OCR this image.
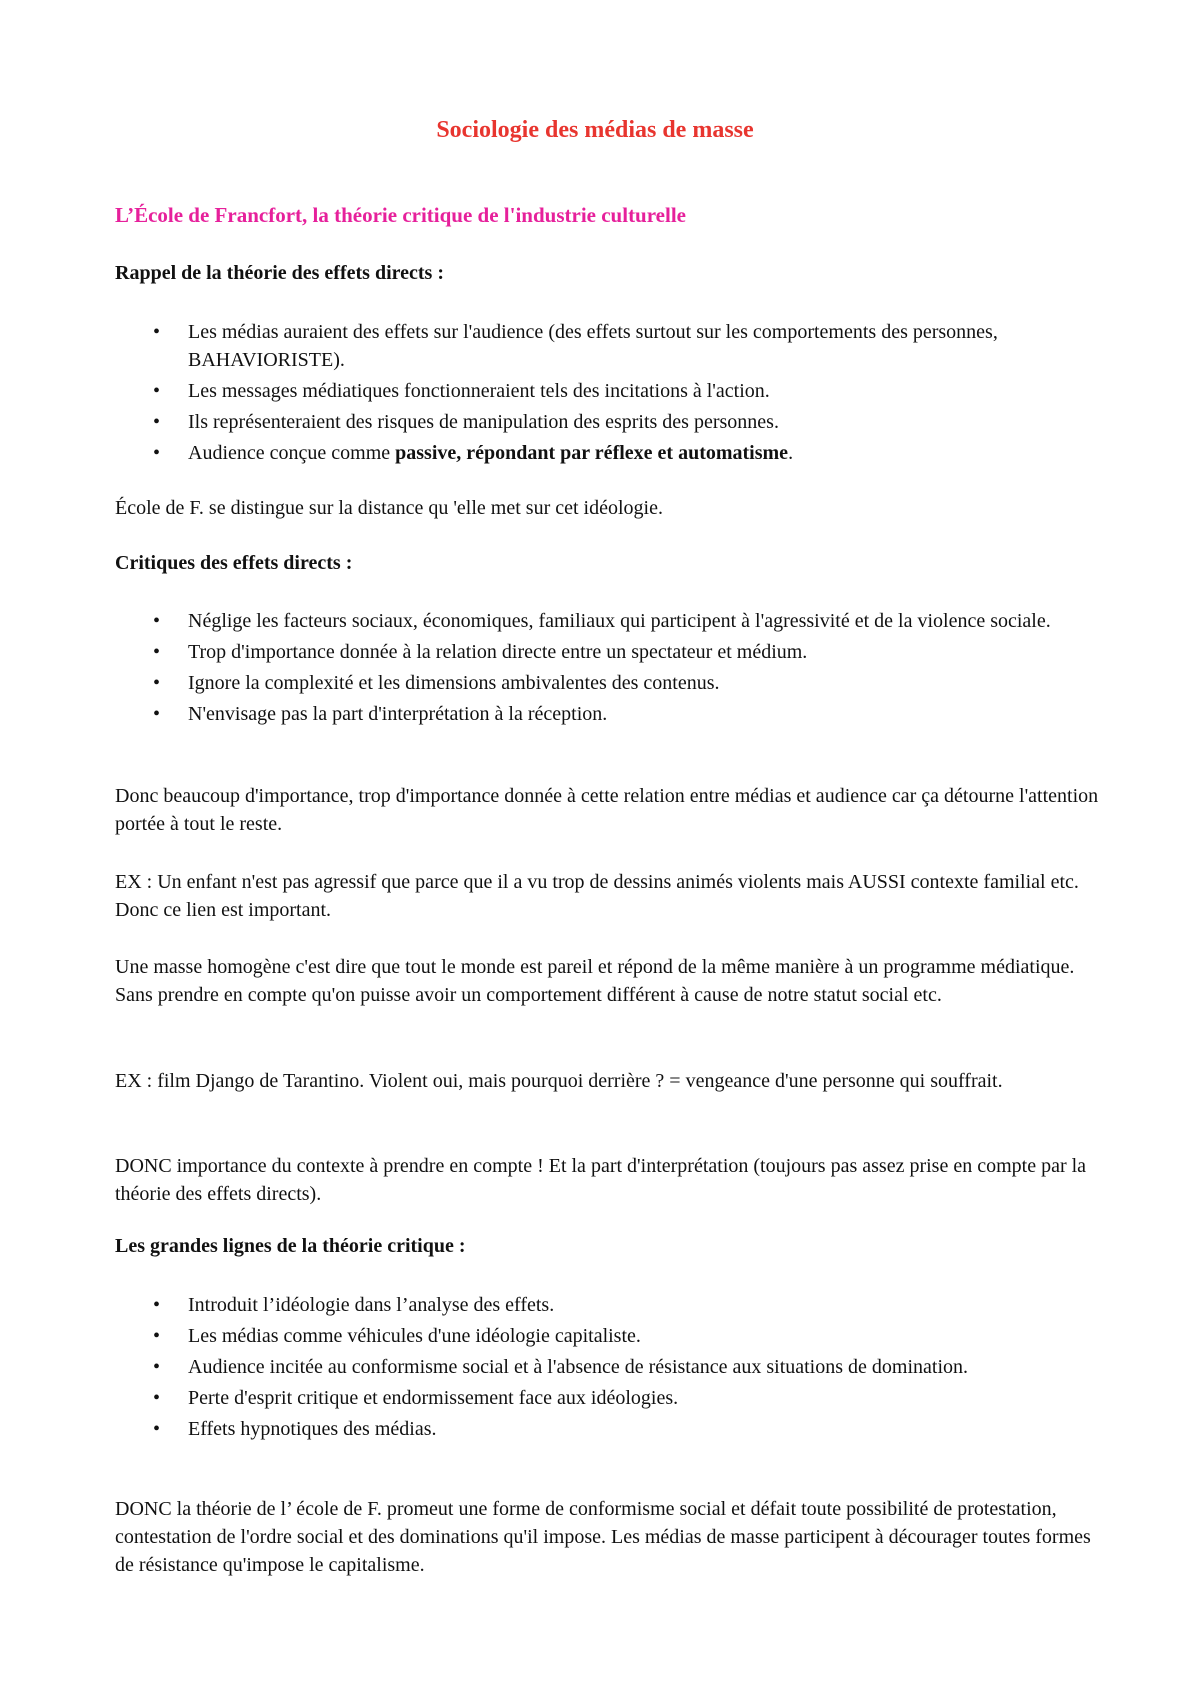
Sociologie des médias de masse
L’École de Francfort, la théorie critique de l'industrie culturelle
Rappel de la théorie des effets directs :
• Les médias auraient des effets sur l'audience (des effets surtout sur les comportements des personnes, BAHAVIORISTE).
• Les messages médiatiques fonctionneraient tels des incitations à l'action.
• Ils représenteraient des risques de manipulation des esprits des personnes.
• Audience conçue comme passive, répondant par réflexe et automatisme.

École de F. se distingue sur la distance qu 'elle met sur cet idéologie.

Critiques des effets directs :
• Néglige les facteurs sociaux, économiques, familiaux qui participent à l'agressivité et de la violence sociale.
• Trop d'importance donnée à la relation directe entre un spectateur et médium.
• Ignore la complexité et les dimensions ambivalentes des contenus.
• N'envisage pas la part d'interprétation à la réception.

Donc beaucoup d'importance, trop d'importance donnée à cette relation entre médias et audience car ça détourne l'attention portée à tout le reste.

EX : Un enfant n'est pas agressif que parce que il a vu trop de dessins animés violents mais AUSSI contexte familial etc. Donc ce lien est important.

Une masse homogène c'est dire que tout le monde est pareil et répond de la même manière à un programme médiatique. Sans prendre en compte qu'on puisse avoir un comportement différent à cause de notre statut social etc.

EX : film Django de Tarantino. Violent oui, mais pourquoi derrière ? = vengeance d'une personne qui souffrait.

DONC importance du contexte à prendre en compte ! Et la part d'interprétation (toujours pas assez prise en compte par la théorie des effets directs).

Les grandes lignes de la théorie critique :
• Introduit l’idéologie dans l’analyse des effets.
• Les médias comme véhicules d'une idéologie capitaliste.
• Audience incitée au conformisme social et à l'absence de résistance aux situations de domination.
• Perte d'esprit critique et endormissement face aux idéologies.
• Effets hypnotiques des médias.

DONC la théorie de l’ école de F. promeut une forme de conformisme social et défait toute possibilité de protestation, contestation de l'ordre social et des dominations qu'il impose. Les médias de masse participent à décourager toutes formes de résistance qu'impose le capitalisme.
